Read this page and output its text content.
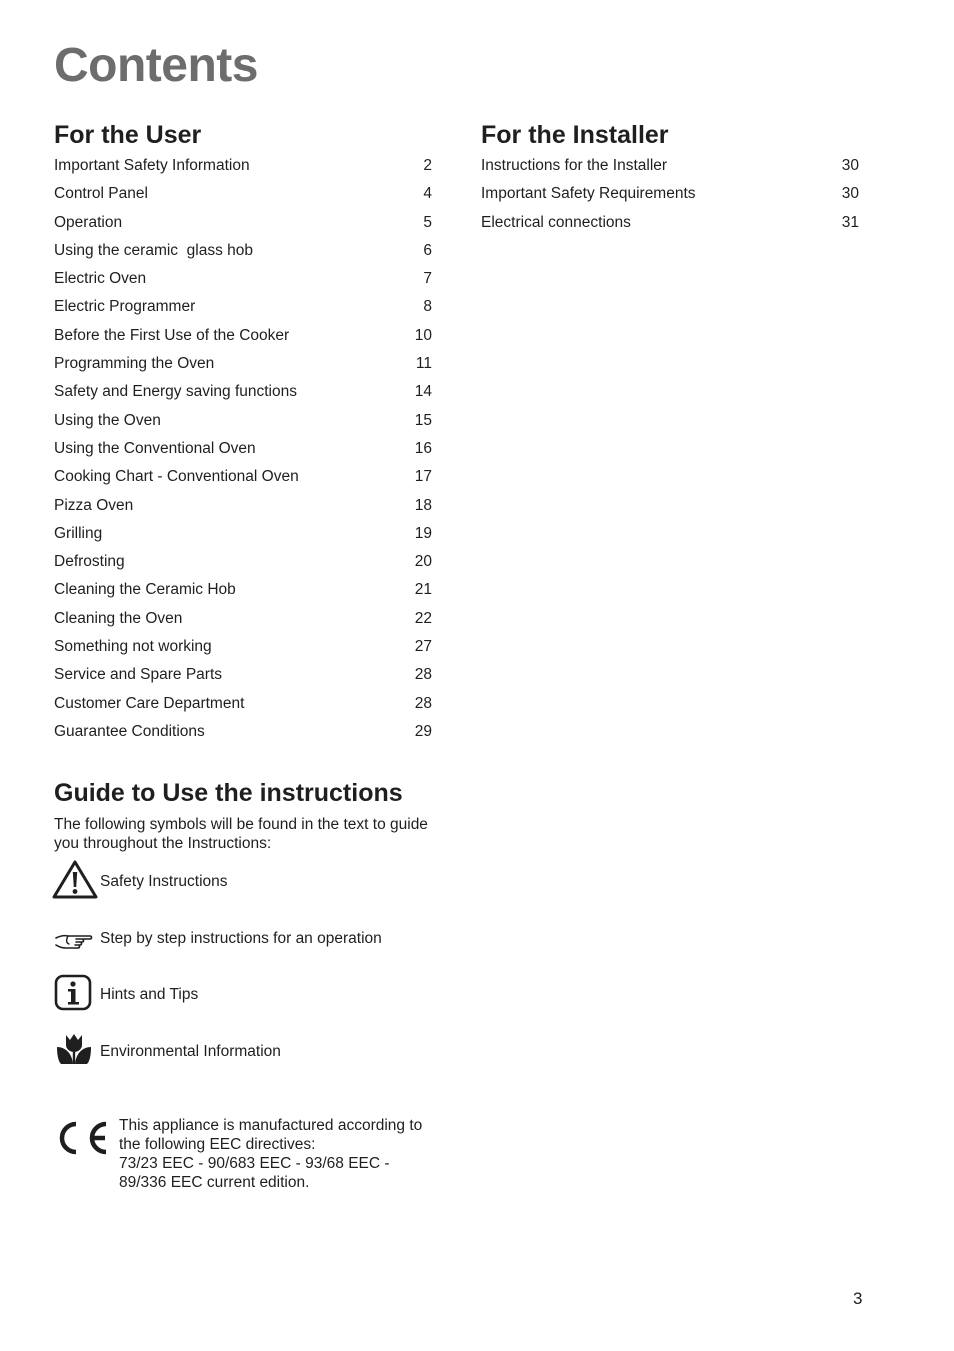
Contents
For the User
Important Safety Information	2
Control Panel	4
Operation	5
Using the ceramic  glass hob	6
Electric Oven	7
Electric Programmer	8
Before the First Use of the Cooker	10
Programming the Oven	11
Safety and Energy saving functions	14
Using the Oven	15
Using the Conventional Oven	16
Cooking Chart - Conventional Oven	17
Pizza Oven	18
Grilling	19
Defrosting	20
Cleaning the Ceramic Hob	21
Cleaning the Oven	22
Something not working	27
Service and Spare Parts	28
Customer Care Department	28
Guarantee Conditions	29
For the Installer
Instructions for the Installer	30
Important Safety Requirements	30
Electrical connections	31
Guide to Use the instructions

The following symbols will be found in the text to guide you throughout the Instructions:

Safety Instructions
Step by step instructions for an operation
Hints and Tips
Environmental Information

This appliance is manufactured according to
the following EEC directives:
73/23 EEC - 90/683 EEC - 93/68 EEC -
89/336 EEC current edition.

3
